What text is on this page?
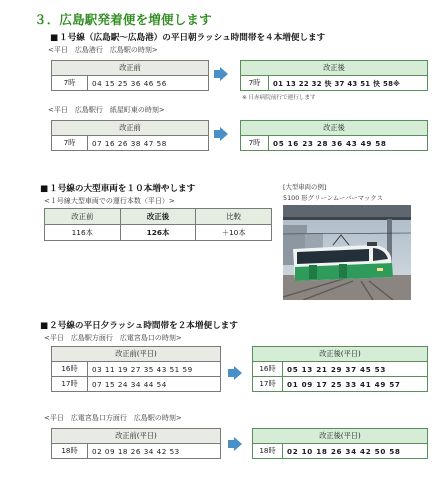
３．広島駅発着便を増便します
■１号線（広島駅～広島港）の平日朝ラッシュ時間帯を４本増便します
<平日　広島港行　広島駅の時刻>
改正前
7時	04 15 25 36 46 56
改正後
7時	01 13 22 32 快 37 43 51 快 58※
※ 日赤病院前行で運行します
<平日　広島駅行　紙屋町東の時刻>
改正前
7時	07 16 26 38 47 58
改正後
7時	05 16 23 28 36 43 49 58
■１号線の大型車両を１０本増やします
<１号線大型車両での運行本数（平日）>
改正前	改正後	比較
116本	126本	＋10本
[大型車両の例]
5100 形グリーンムーバーマックス
■２号線の平日夕ラッシュ時間帯を２本増便します
<平日　広島駅方面行　広電宮島口の時刻>
改正前(平日)	
16時	03 11 19 27 35 43 51 59
17時	07 15 24 34 44 54
改正後(平日)	
16時	05 13 21 29 37 45 53
17時	01 09 17 25 33 41 49 57
<平日　広電宮島口方面行　広島駅の時刻>
改正前(平日)
18時	02 09 18 26 34 42 53
改正後(平日)
18時	02 10 18 26 34 42 50 58
